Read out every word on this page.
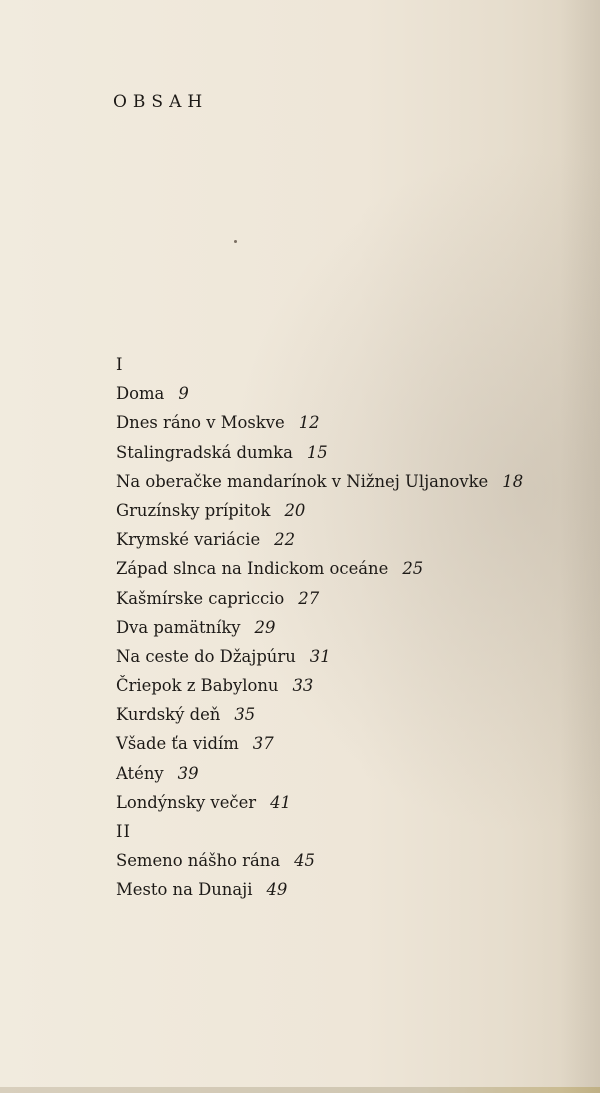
OBSAH
I
Doma 9
Dnes ráno v Moskve 12
Stalingradská dumka 15
Na oberačke mandarínok v Nižnej Uljanovke 18
Gruzínsky prípitok 20
Krymské variácie 22
Západ slnca na Indickom oceáne 25
Kašmírske capriccio 27
Dva pamätníky 29
Na ceste do Džajpúru 31
Čriepok z Babylonu 33
Kurdský deň 35
Všade ťa vidím 37
Atény 39
Londýnsky večer 41
II
Semeno nášho rána 45
Mesto na Dunaji 49
